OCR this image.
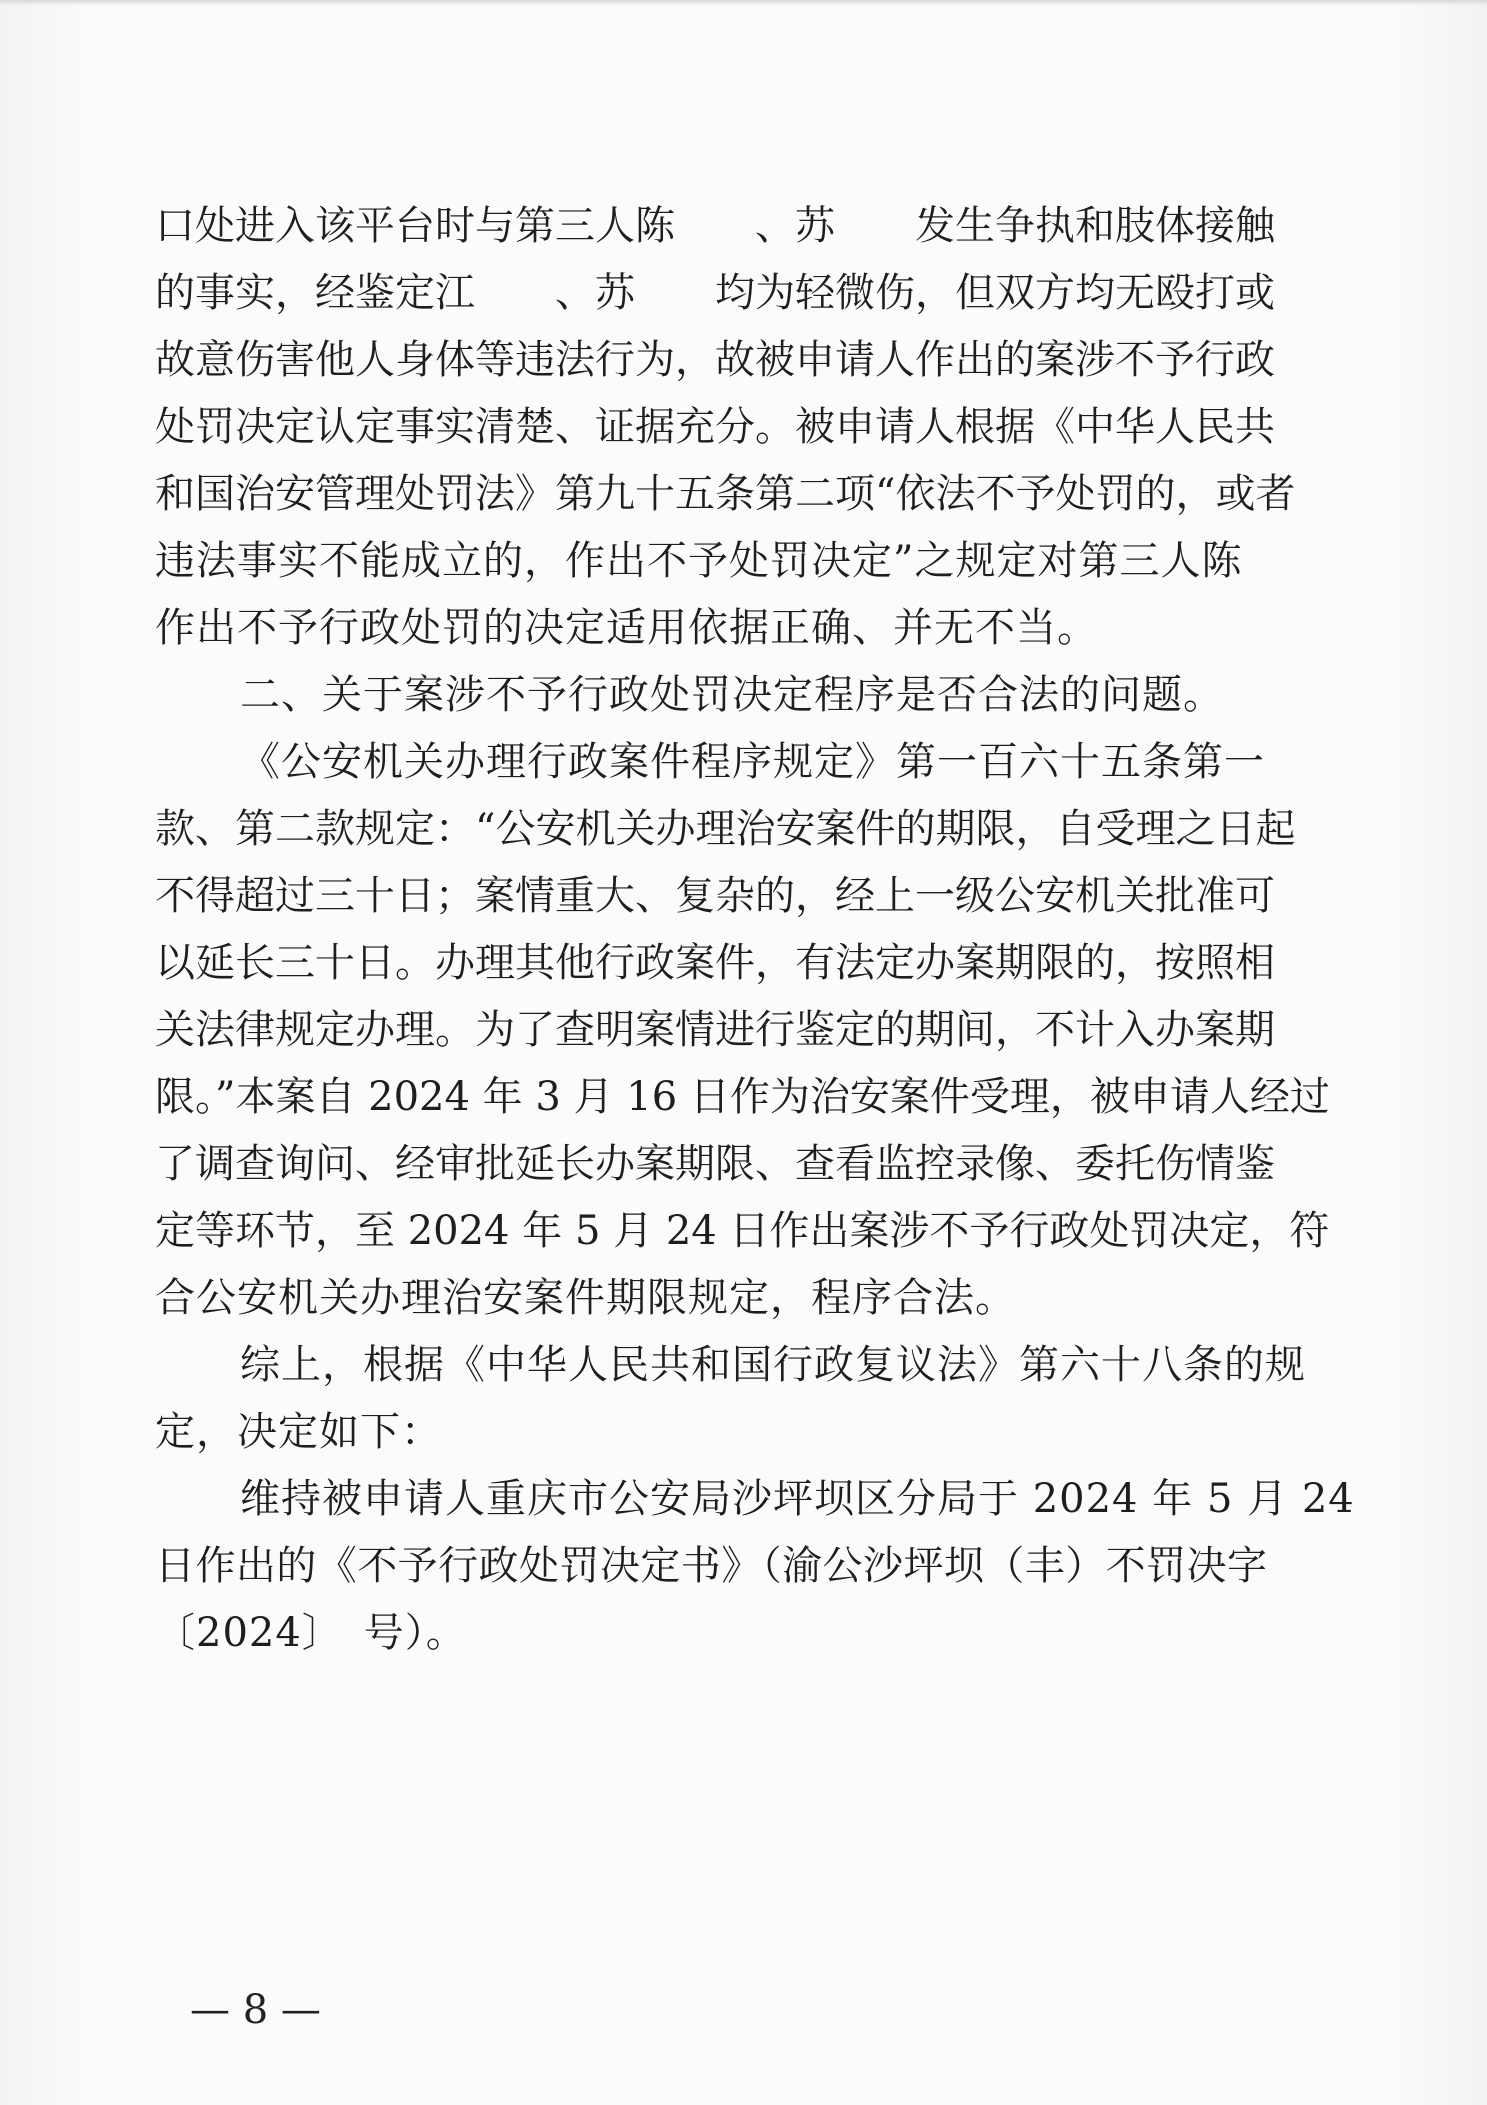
口处进入该平台时与第三人陈　　、苏　　发生争执和肢体接触
的事实，经鉴定江　　、苏　　均为轻微伤，但双方均无殴打或
故意伤害他人身体等违法行为，故被申请人作出的案涉不予行政
处罚决定认定事实清楚、证据充分。被申请人根据《中华人民共
和国治安管理处罚法》第九十五条第二项“依法不予处罚的，或者
违法事实不能成立的，作出不予处罚决定”之规定对第三人陈
作出不予行政处罚的决定适用依据正确、并无不当。
二、关于案涉不予行政处罚决定程序是否合法的问题。
《公安机关办理行政案件程序规定》第一百六十五条第一
款、第二款规定：“公安机关办理治安案件的期限，自受理之日起
不得超过三十日；案情重大、复杂的，经上一级公安机关批准可
以延长三十日。办理其他行政案件，有法定办案期限的，按照相
关法律规定办理。为了查明案情进行鉴定的期间，不计入办案期
限。”本案自 2024 年 3 月 16 日作为治安案件受理，被申请人经过
了调查询问、经审批延长办案期限、查看监控录像、委托伤情鉴
定等环节，至 2024 年 5 月 24 日作出案涉不予行政处罚决定，符
合公安机关办理治安案件期限规定，程序合法。
综上，根据《中华人民共和国行政复议法》第六十八条的规
定，决定如下：
维持被申请人重庆市公安局沙坪坝区分局于 2024 年 5 月 24
日作出的《不予行政处罚决定书》（渝公沙坪坝（丰）不罚决字
〔2024〕　号）。
— 8 —
